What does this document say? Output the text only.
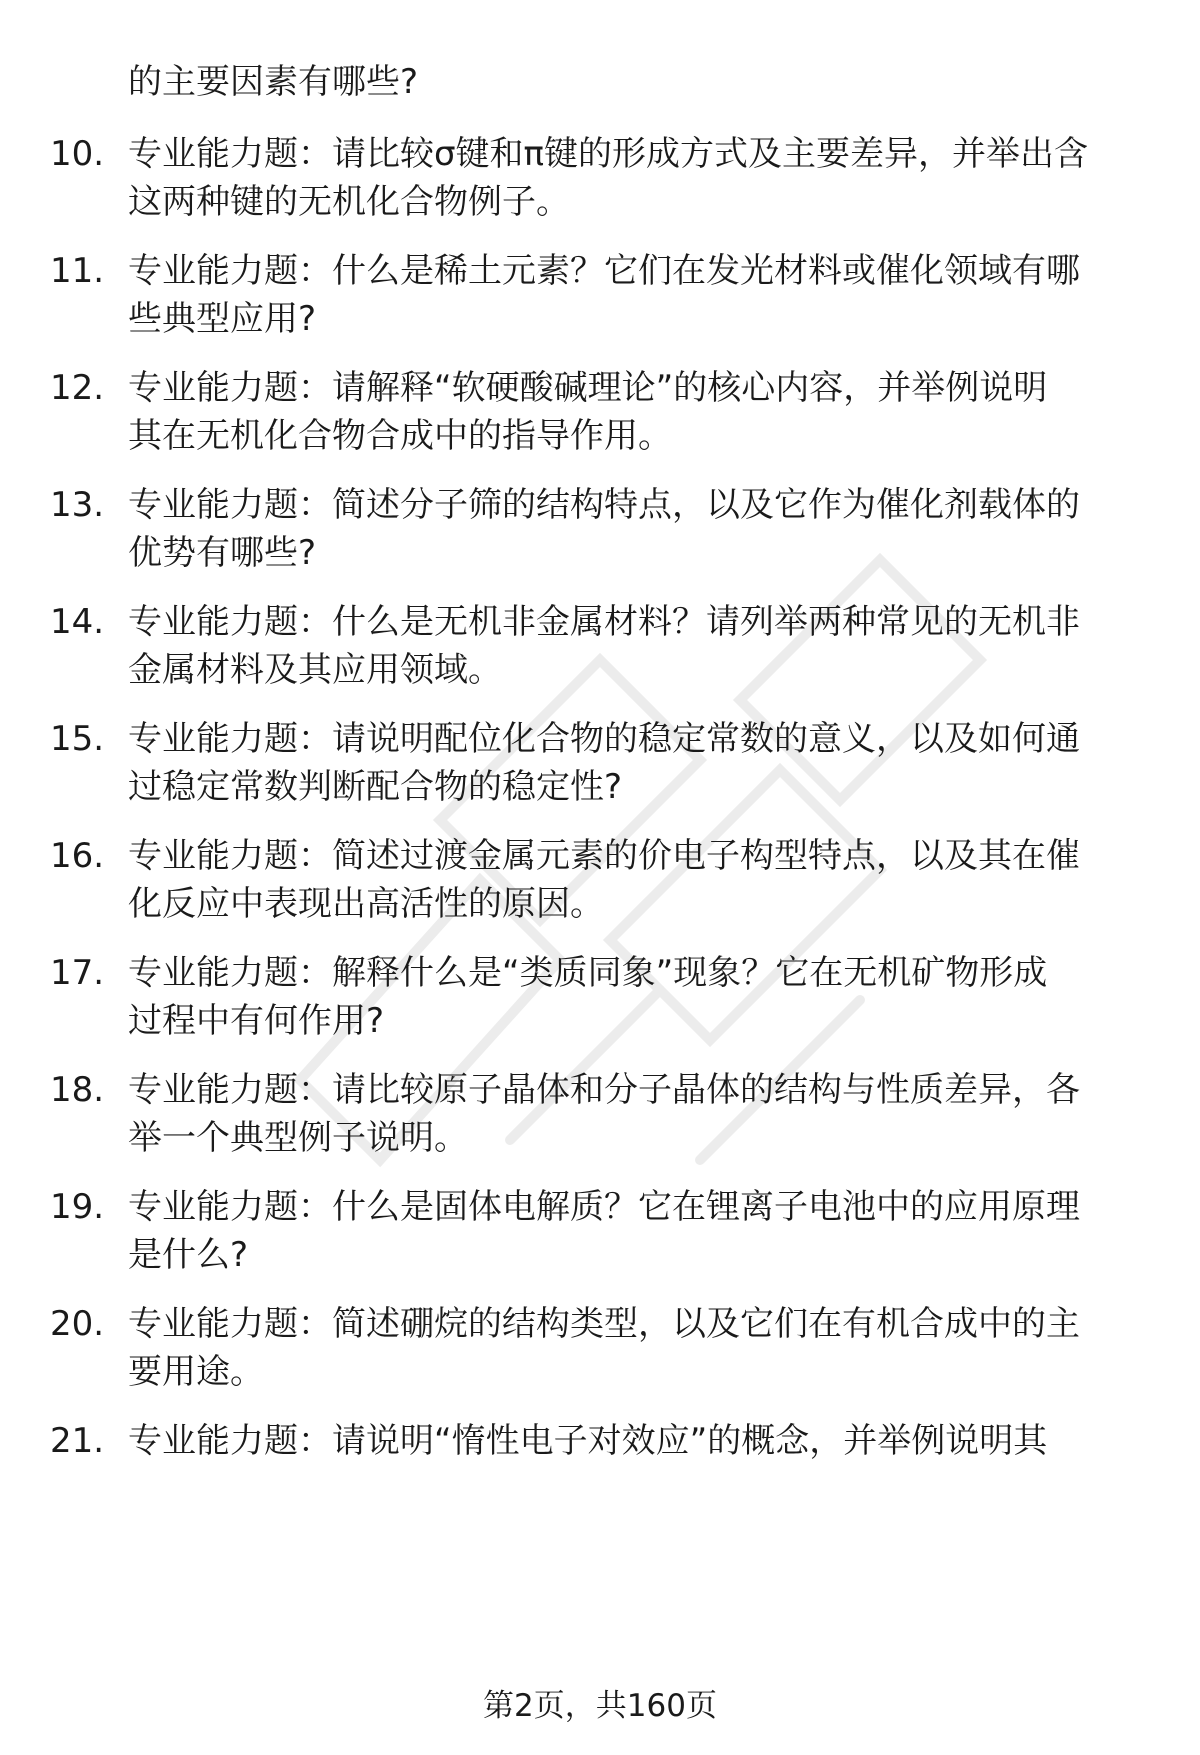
的主要因素有哪些?
10. 专业能力题：请比较σ键和π键的形成方式及主要差异，并举出含
这两种键的无机化合物例子。
11. 专业能力题：什么是稀土元素？它们在发光材料或催化领域有哪
些典型应用?
12. 专业能力题：请解释“软硬酸碱理论”的核心内容，并举例说明
其在无机化合物合成中的指导作用。
13. 专业能力题：简述分子筛的结构特点，以及它作为催化剂载体的
优势有哪些?
14. 专业能力题：什么是无机非金属材料？请列举两种常见的无机非
金属材料及其应用领域。
15. 专业能力题：请说明配位化合物的稳定常数的意义，以及如何通
过稳定常数判断配合物的稳定性?
16. 专业能力题：简述过渡金属元素的价电子构型特点，以及其在催
化反应中表现出高活性的原因。
17. 专业能力题：解释什么是“类质同象”现象？它在无机矿物形成
过程中有何作用?
18. 专业能力题：请比较原子晶体和分子晶体的结构与性质差异，各
举一个典型例子说明。
19. 专业能力题：什么是固体电解质？它在锂离子电池中的应用原理
是什么?
20. 专业能力题：简述硼烷的结构类型，以及它们在有机合成中的主
要用途。
21. 专业能力题：请说明“惰性电子对效应”的概念，并举例说明其
第2页，共160页
